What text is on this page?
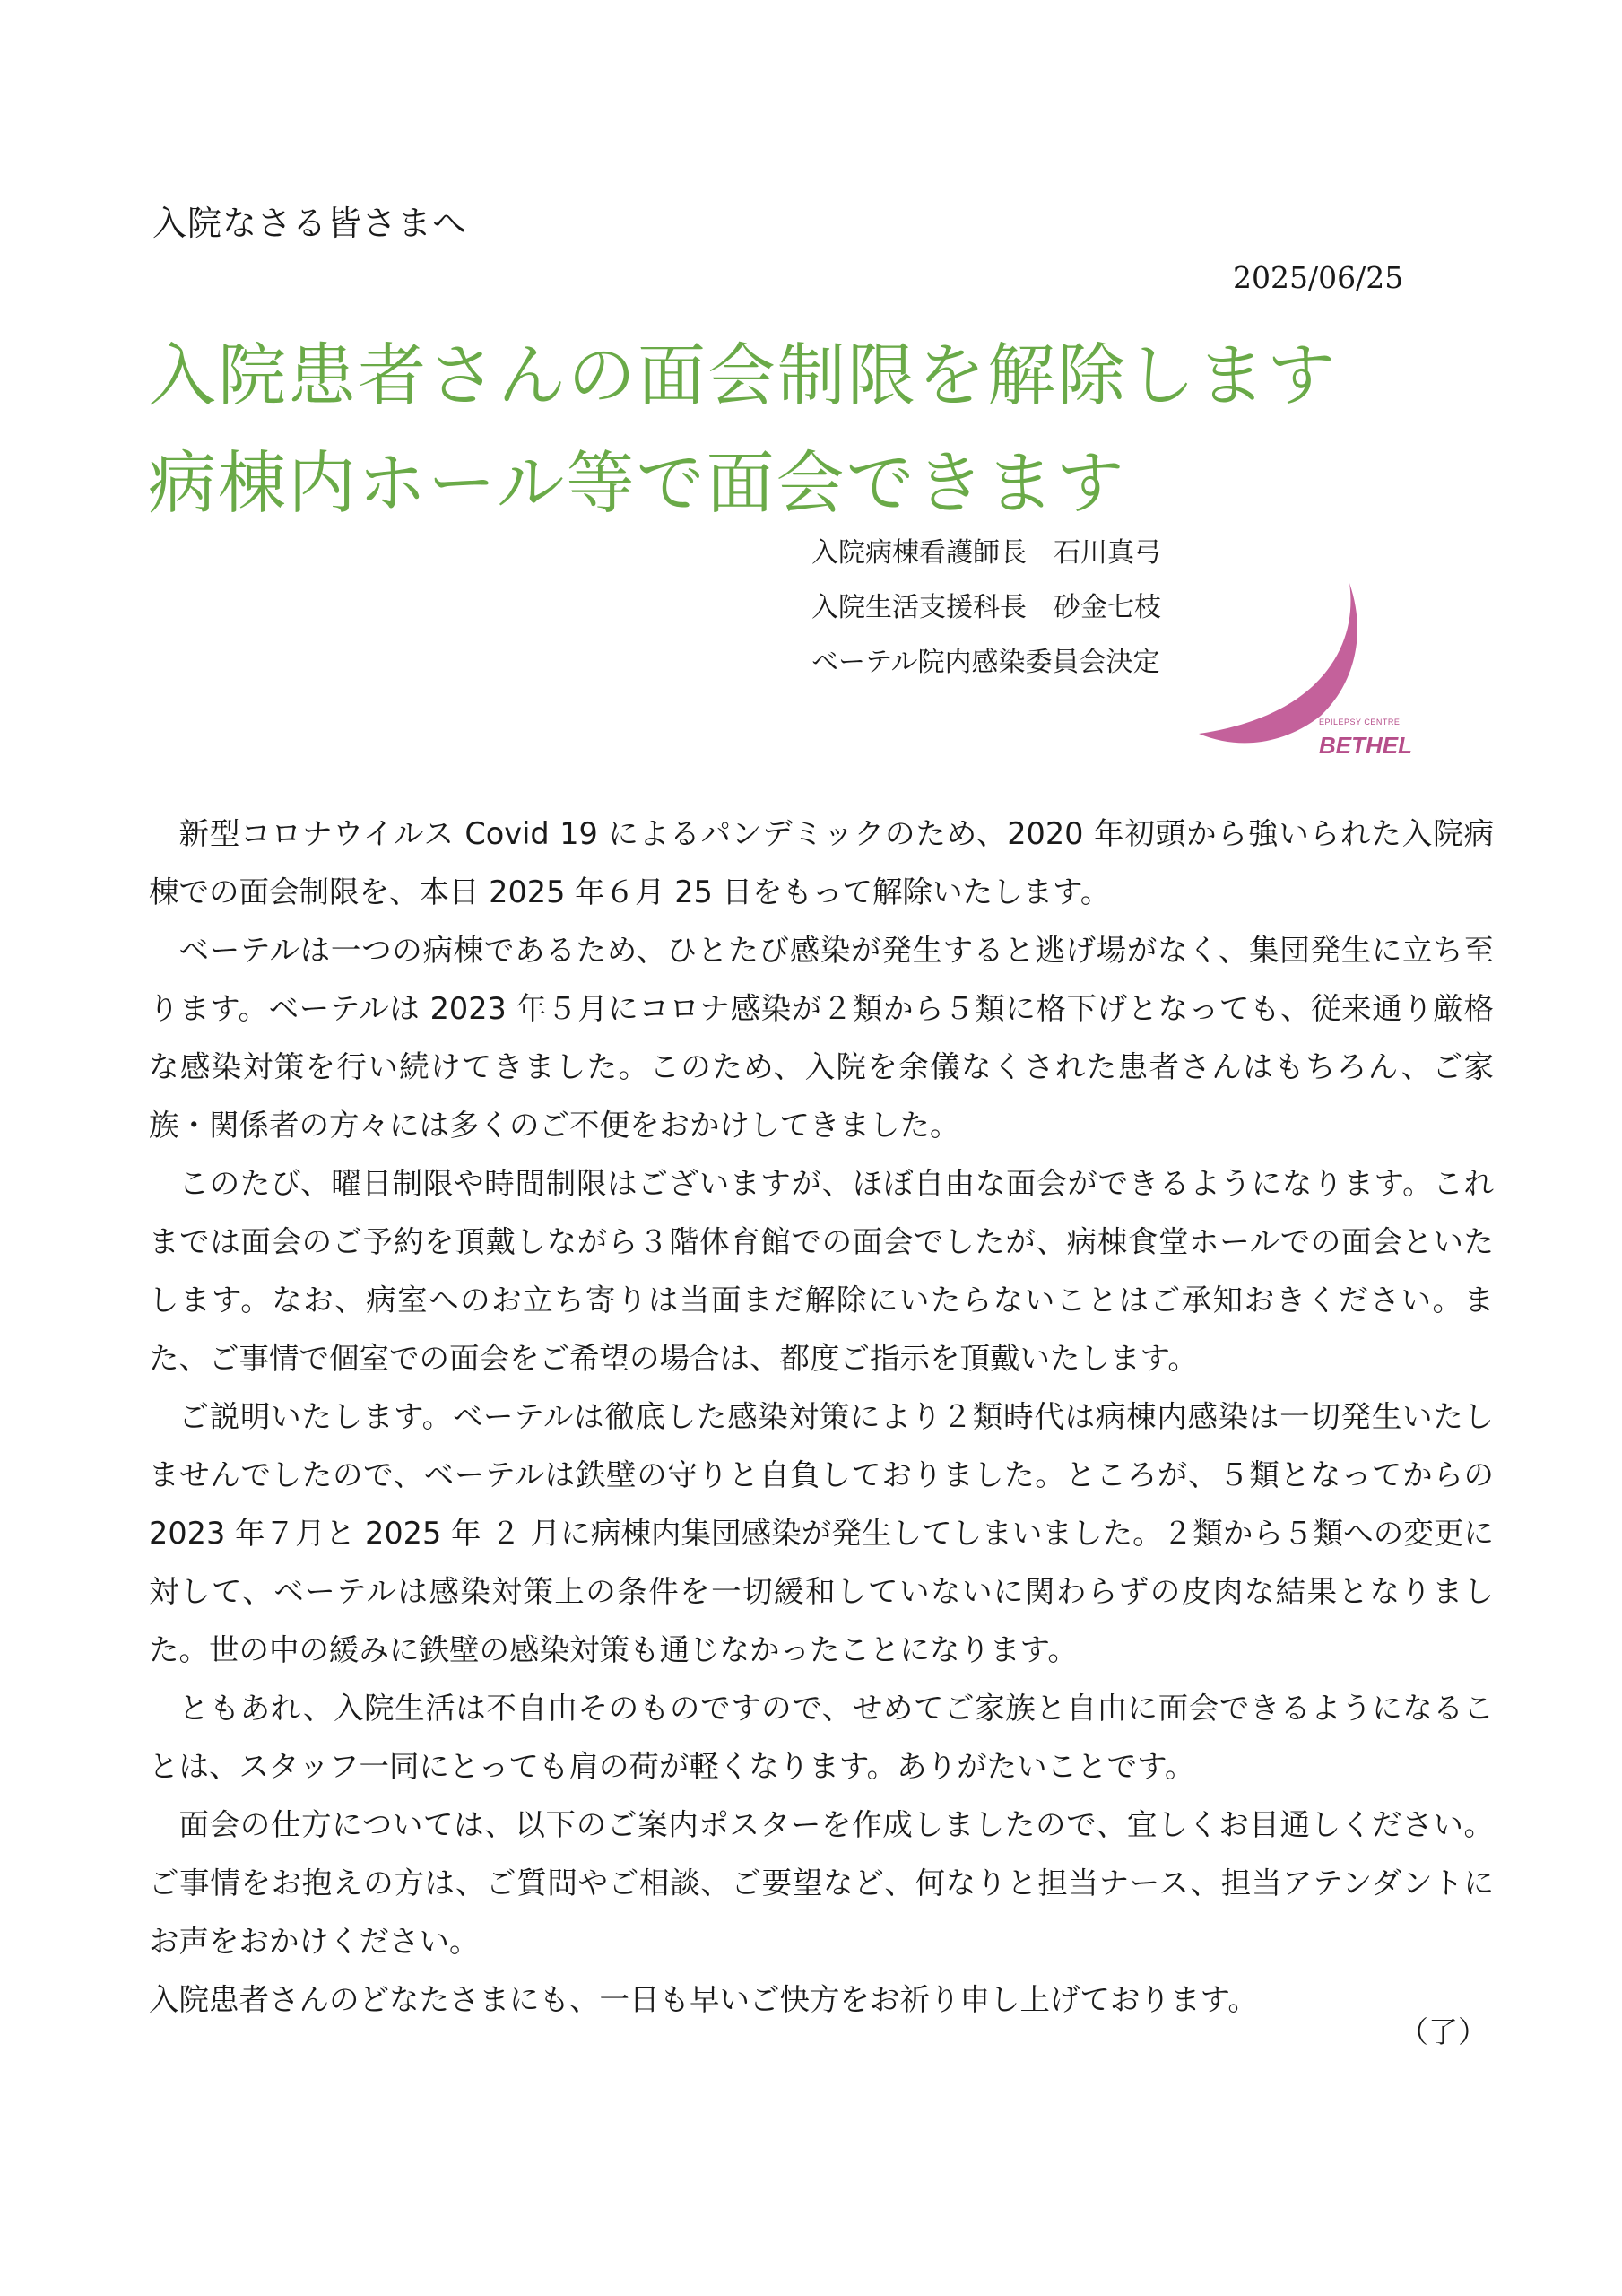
入院なさる皆さまへ

2025/06/25

入院患者さんの面会制限を解除します
病棟内ホール等で面会できます
入院病棟看護師長　石川真弓
入院生活支援科長　砂金七枝
ベーテル院内感染委員会決定
EPILEPSY CENTRE
BETHEL

新型コロナウイルス Covid 19 によるパンデミックのため、2020 年初頭から強いられた入院病棟での面会制限を、本日 2025 年６月 25 日をもって解除いたします。

ベーテルは一つの病棟であるため、ひとたび感染が発生すると逃げ場がなく、集団発生に立ち至ります。ベーテルは 2023 年５月にコロナ感染が２類から５類に格下げとなっても、従来通り厳格な感染対策を行い続けてきました。このため、入院を余儀なくされた患者さんはもちろん、ご家族・関係者の方々には多くのご不便をおかけしてきました。

このたび、曜日制限や時間制限はございますが、ほぼ自由な面会ができるようになります。これまでは面会のご予約を頂戴しながら３階体育館での面会でしたが、病棟食堂ホールでの面会といたします。なお、病室へのお立ち寄りは当面まだ解除にいたらないことはご承知おきください。また、ご事情で個室での面会をご希望の場合は、都度ご指示を頂戴いたします。

ご説明いたします。ベーテルは徹底した感染対策により２類時代は病棟内感染は一切発生いたしませんでしたので、ベーテルは鉄壁の守りと自負しておりました。ところが、５類となってからの 2023 年７月と 2025 年 ２ 月に病棟内集団感染が発生してしまいました。２類から５類への変更に対して、ベーテルは感染対策上の条件を一切緩和していないに関わらずの皮肉な結果となりました。世の中の緩みに鉄壁の感染対策も通じなかったことになります。

ともあれ、入院生活は不自由そのものですので、せめてご家族と自由に面会できるようになることは、スタッフ一同にとっても肩の荷が軽くなります。ありがたいことです。

面会の仕方については、以下のご案内ポスターを作成しましたので、宜しくお目通しください。ご事情をお抱えの方は、ご質問やご相談、ご要望など、何なりと担当ナース、担当アテンダントにお声をおかけください。

入院患者さんのどなたさまにも、一日も早いご快方をお祈り申し上げております。

（了）
